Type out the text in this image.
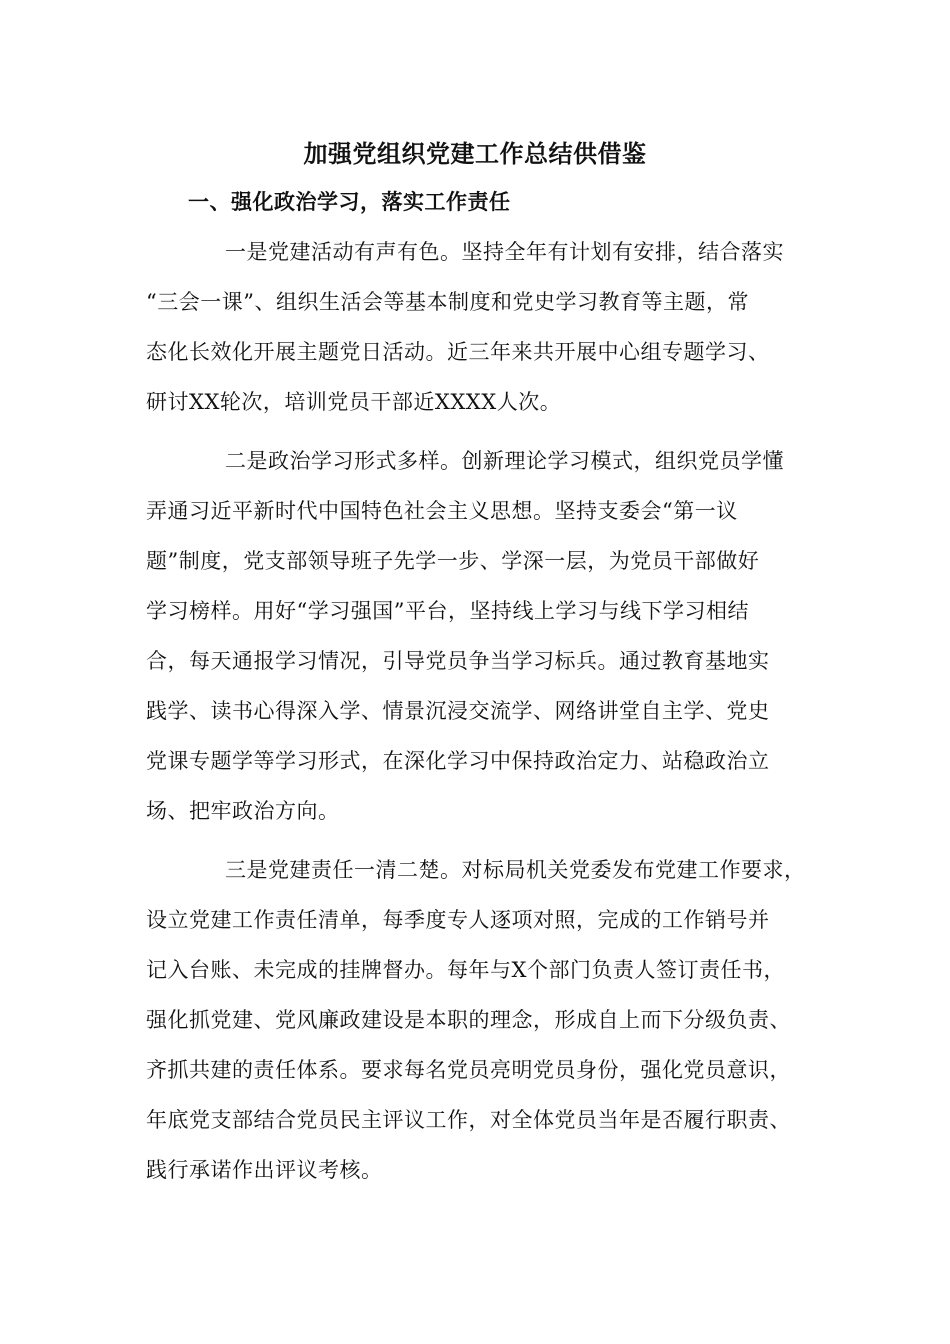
加强党组织党建工作总结供借鉴
一、强化政治学习，落实工作责任
一是党建活动有声有色。坚持全年有计划有安排，结合落实
“三会一课”、组织生活会等基本制度和党史学习教育等主题，常
态化长效化开展主题党日活动。近三年来共开展中心组专题学习、
研讨XX轮次，培训党员干部近XXXX人次。
二是政治学习形式多样。创新理论学习模式，组织党员学懂
弄通习近平新时代中国特色社会主义思想。坚持支委会“第一议
题”制度，党支部领导班子先学一步、学深一层，为党员干部做好
学习榜样。用好“学习强国”平台，坚持线上学习与线下学习相结
合，每天通报学习情况，引导党员争当学习标兵。通过教育基地实
践学、读书心得深入学、情景沉浸交流学、网络讲堂自主学、党史
党课专题学等学习形式，在深化学习中保持政治定力、站稳政治立
场、把牢政治方向。
三是党建责任一清二楚。对标局机关党委发布党建工作要求，
设立党建工作责任清单，每季度专人逐项对照，完成的工作销号并
记入台账、未完成的挂牌督办。每年与X个部门负责人签订责任书，
强化抓党建、党风廉政建设是本职的理念，形成自上而下分级负责、
齐抓共建的责任体系。要求每名党员亮明党员身份，强化党员意识，
年底党支部结合党员民主评议工作，对全体党员当年是否履行职责、
践行承诺作出评议考核。
